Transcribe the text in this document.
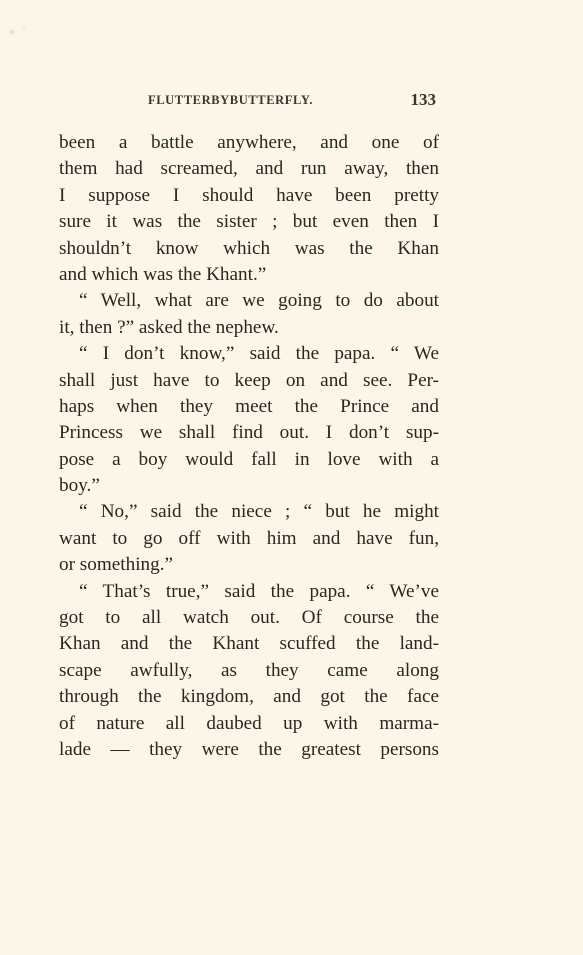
FLUTTERBYBUTTERFLY.	133
been a battle anywhere, and one of
them had screamed, and run away, then
I suppose I should have been pretty
sure it was the sister ; but even then I
shouldn’t know which was the Khan
and which was the Khant.”
“ Well, what are we going to do about
it, then ?” asked the nephew.
“ I don’t know,” said the papa. “ We
shall just have to keep on and see. Per-
haps when they meet the Prince and
Princess we shall find out. I don’t sup-
pose a boy would fall in love with a
boy.”
“ No,” said the niece ; “ but he might
want to go off with him and have fun,
or something.”
“ That’s true,” said the papa. “ We’ve
got to all watch out. Of course the
Khan and the Khant scuffed the land-
scape awfully, as they came along
through the kingdom, and got the face
of nature all daubed up with marma-
lade — they were the greatest persons
